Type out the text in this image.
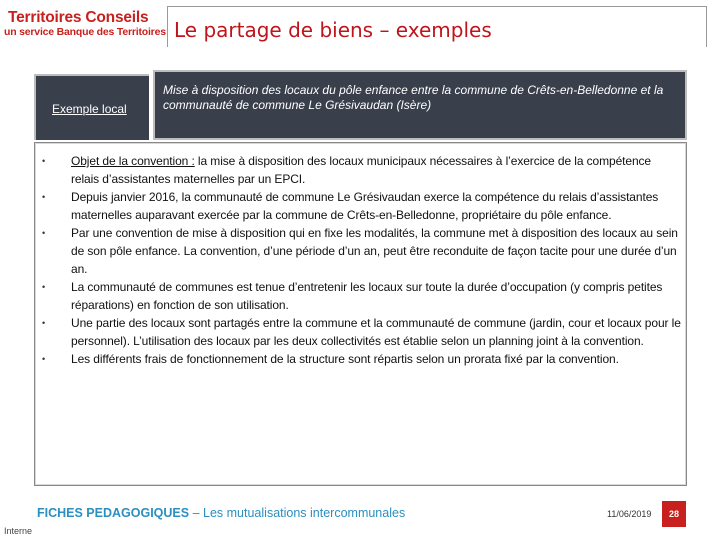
Territoires Conseils
un service Banque des Territoires Le partage de biens – exemples
Exemple local
Mise à disposition des locaux du pôle enfance entre la commune de Crêts-en-Belledonne et la communauté de commune Le Grésivaudan (Isère)
• Objet de la convention : la mise à disposition des locaux municipaux nécessaires à l’exercice de la compétence relais d’assistantes maternelles par un EPCI.
• Depuis janvier 2016, la communauté de commune Le Grésivaudan exerce la compétence du relais d’assistantes maternelles auparavant exercée par la commune de Crêts-en-Belledonne, propriétaire du pôle enfance.
• Par une convention de mise à disposition qui en fixe les modalités, la commune met à disposition des locaux au sein de son pôle enfance. La convention, d’une période d’un an, peut être reconduite de façon tacite pour une durée d’un an.
• La communauté de communes est tenue d’entretenir les locaux sur toute la durée d’occupation (y compris petites réparations) en fonction de son utilisation.
• Une partie des locaux sont partagés entre la commune et la communauté de commune (jardin, cour et locaux pour le personnel). L’utilisation des locaux par les deux collectivités est établie selon un planning joint à la convention.
• Les différents frais de fonctionnement de la structure sont répartis selon un prorata fixé par la convention.
FICHES PEDAGOGIQUES – Les mutualisations intercommunales	11/06/2019	28
Interne
